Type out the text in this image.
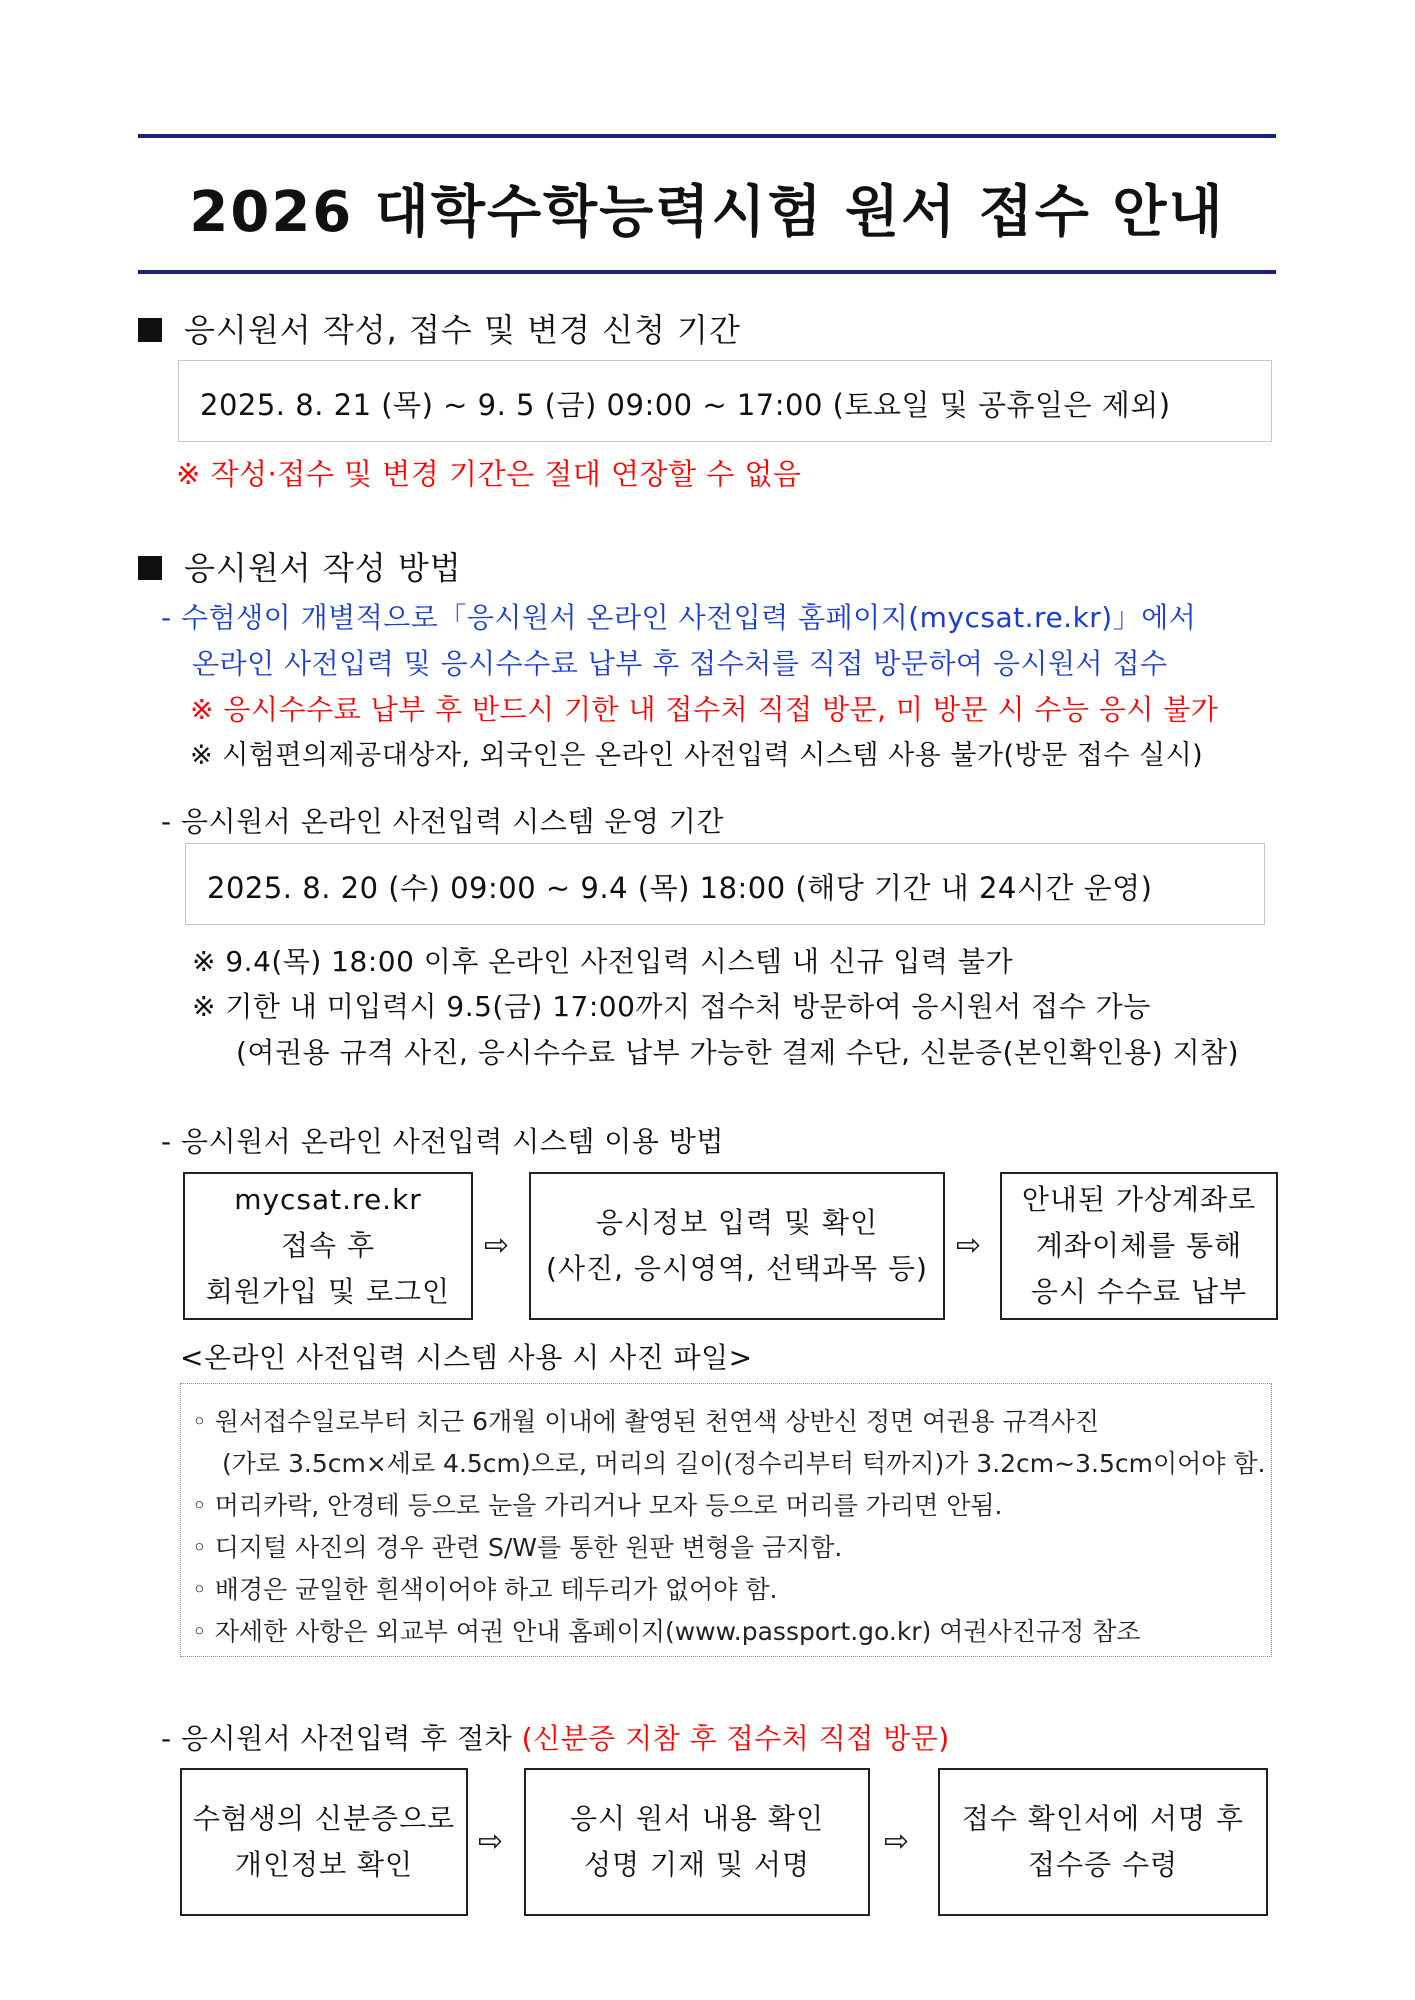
2026 대학수학능력시험 원서 접수 안내
응시원서 작성, 접수 및 변경 신청 기간
2025. 8. 21 (목) ~ 9. 5 (금) 09:00 ~ 17:00 (토요일 및 공휴일은 제외)
※ 작성·접수 및 변경 기간은 절대 연장할 수 없음
응시원서 작성 방법
- 수험생이 개별적으로「응시원서 온라인 사전입력 홈페이지(mycsat.re.kr)」에서
온라인 사전입력 및 응시수수료 납부 후 접수처를 직접 방문하여 응시원서 접수
※ 응시수수료 납부 후 반드시 기한 내 접수처 직접 방문, 미 방문 시 수능 응시 불가
※ 시험편의제공대상자, 외국인은 온라인 사전입력 시스템 사용 불가(방문 접수 실시)
- 응시원서 온라인 사전입력 시스템 운영 기간
2025. 8. 20 (수) 09:00 ~ 9.4 (목) 18:00 (해당 기간 내 24시간 운영)
※ 9.4(목) 18:00 이후 온라인 사전입력 시스템 내 신규 입력 불가
※ 기한 내 미입력시 9.5(금) 17:00까지 접수처 방문하여 응시원서 접수 가능
(여권용 규격 사진, 응시수수료 납부 가능한 결제 수단, 신분증(본인확인용) 지참)
- 응시원서 온라인 사전입력 시스템 이용 방법
mycsat.re.kr
접속 후
회원가입 및 로그인
⇨
응시정보 입력 및 확인
(사진, 응시영역, 선택과목 등)
⇨
안내된 가상계좌로
계좌이체를 통해
응시 수수료 납부
<온라인 사전입력 시스템 사용 시 사진 파일>
◦ 원서접수일로부터 치근 6개월 이내에 촬영된 천연색 상반신 정면 여권용 규격사진
(가로 3.5cm×세로 4.5cm)으로, 머리의 길이(정수리부터 턱까지)가 3.2cm~3.5cm이어야 함.
◦ 머리카락, 안경테 등으로 눈을 가리거나 모자 등으로 머리를 가리면 안됨.
◦ 디지털 사진의 경우 관련 S/W를 통한 원판 변형을 금지함.
◦ 배경은 균일한 흰색이어야 하고 테두리가 없어야 함.
◦ 자세한 사항은 외교부 여권 안내 홈페이지(www.passport.go.kr) 여권사진규정 참조
- 응시원서 사전입력 후 절차 (신분증 지참 후 접수처 직접 방문)
수험생의 신분증으로
개인정보 확인
⇨
응시 원서 내용 확인
성명 기재 및 서명
⇨
접수 확인서에 서명 후
접수증 수령
